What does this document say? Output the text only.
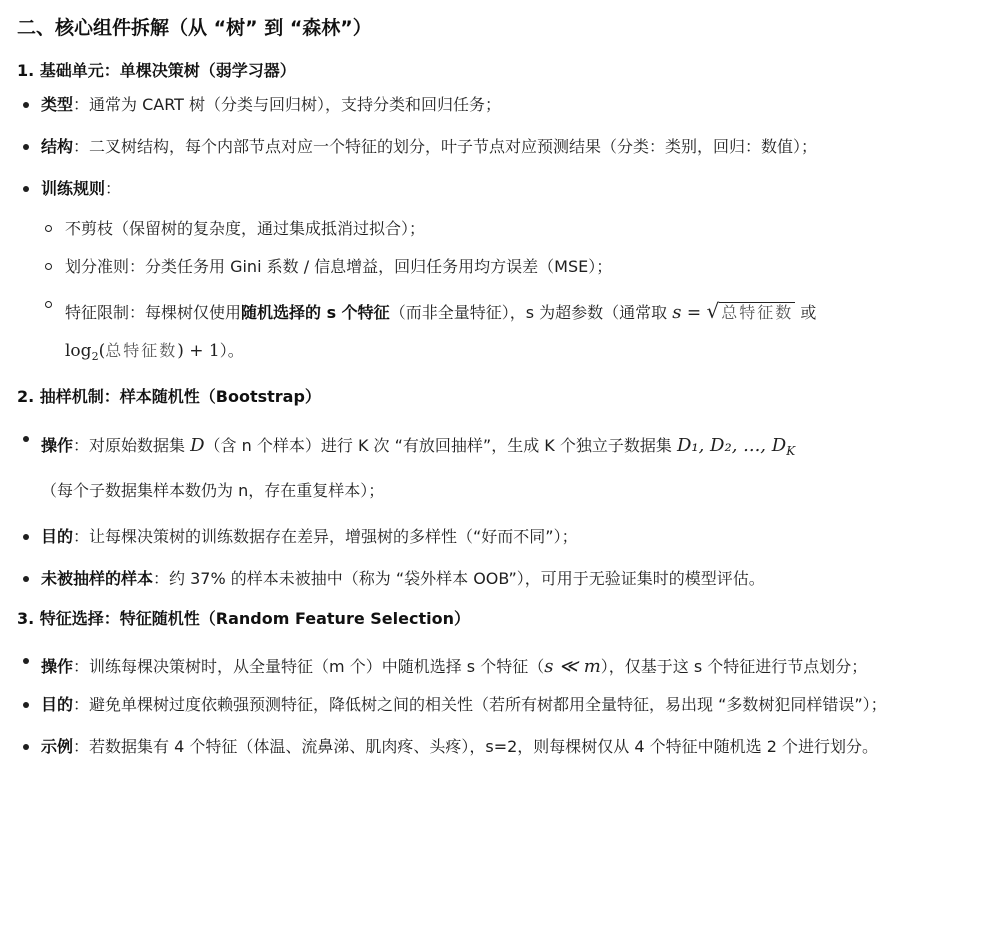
二、核心组件拆解（从 “树” 到 “森林”）
1. 基础单元：单棵决策树（弱学习器）
类型：通常为 CART 树（分类与回归树），支持分类和回归任务；
结构：二叉树结构，每个内部节点对应一个特征的划分，叶子节点对应预测结果（分类：类别，回归：数值）；
训练规则：
不剪枝（保留树的复杂度，通过集成抵消过拟合）；
划分准则：分类任务用 Gini 系数 / 信息增益，回归任务用均方误差（MSE）；
特征限制：每棵树仅使用随机选择的 s 个特征（而非全量特征），s 为超参数（通常取 s = √ 总特征数 或
$\log_2$(总特征数) + 1）。
2. 抽样机制：样本随机性（Bootstrap）
操作：对原始数据集 D（含 n 个样本）进行 K 次 “有放回抽样”，生成 K 个独立子数据集 D₁, D₂, ..., $D_K$
（每个子数据集样本数仍为 n，存在重复样本）；
目的：让每棵决策树的训练数据存在差异，增强树的多样性（“好而不同”）；
未被抽样的样本：约 37% 的样本未被抽中（称为 “袋外样本 OOB”），可用于无验证集时的模型评估。
3. 特征选择：特征随机性（Random Feature Selection）
操作：训练每棵决策树时，从全量特征（m 个）中随机选择 s 个特征（s ≪ m），仅基于这 s 个特征进行节点划分；
目的：避免单棵树过度依赖强预测特征，降低树之间的相关性（若所有树都用全量特征，易出现 “多数树犯同样错误”）；
示例：若数据集有 4 个特征（体温、流鼻涕、肌肉疼、头疼），s=2，则每棵树仅从 4 个特征中随机选 2 个进行划分。
